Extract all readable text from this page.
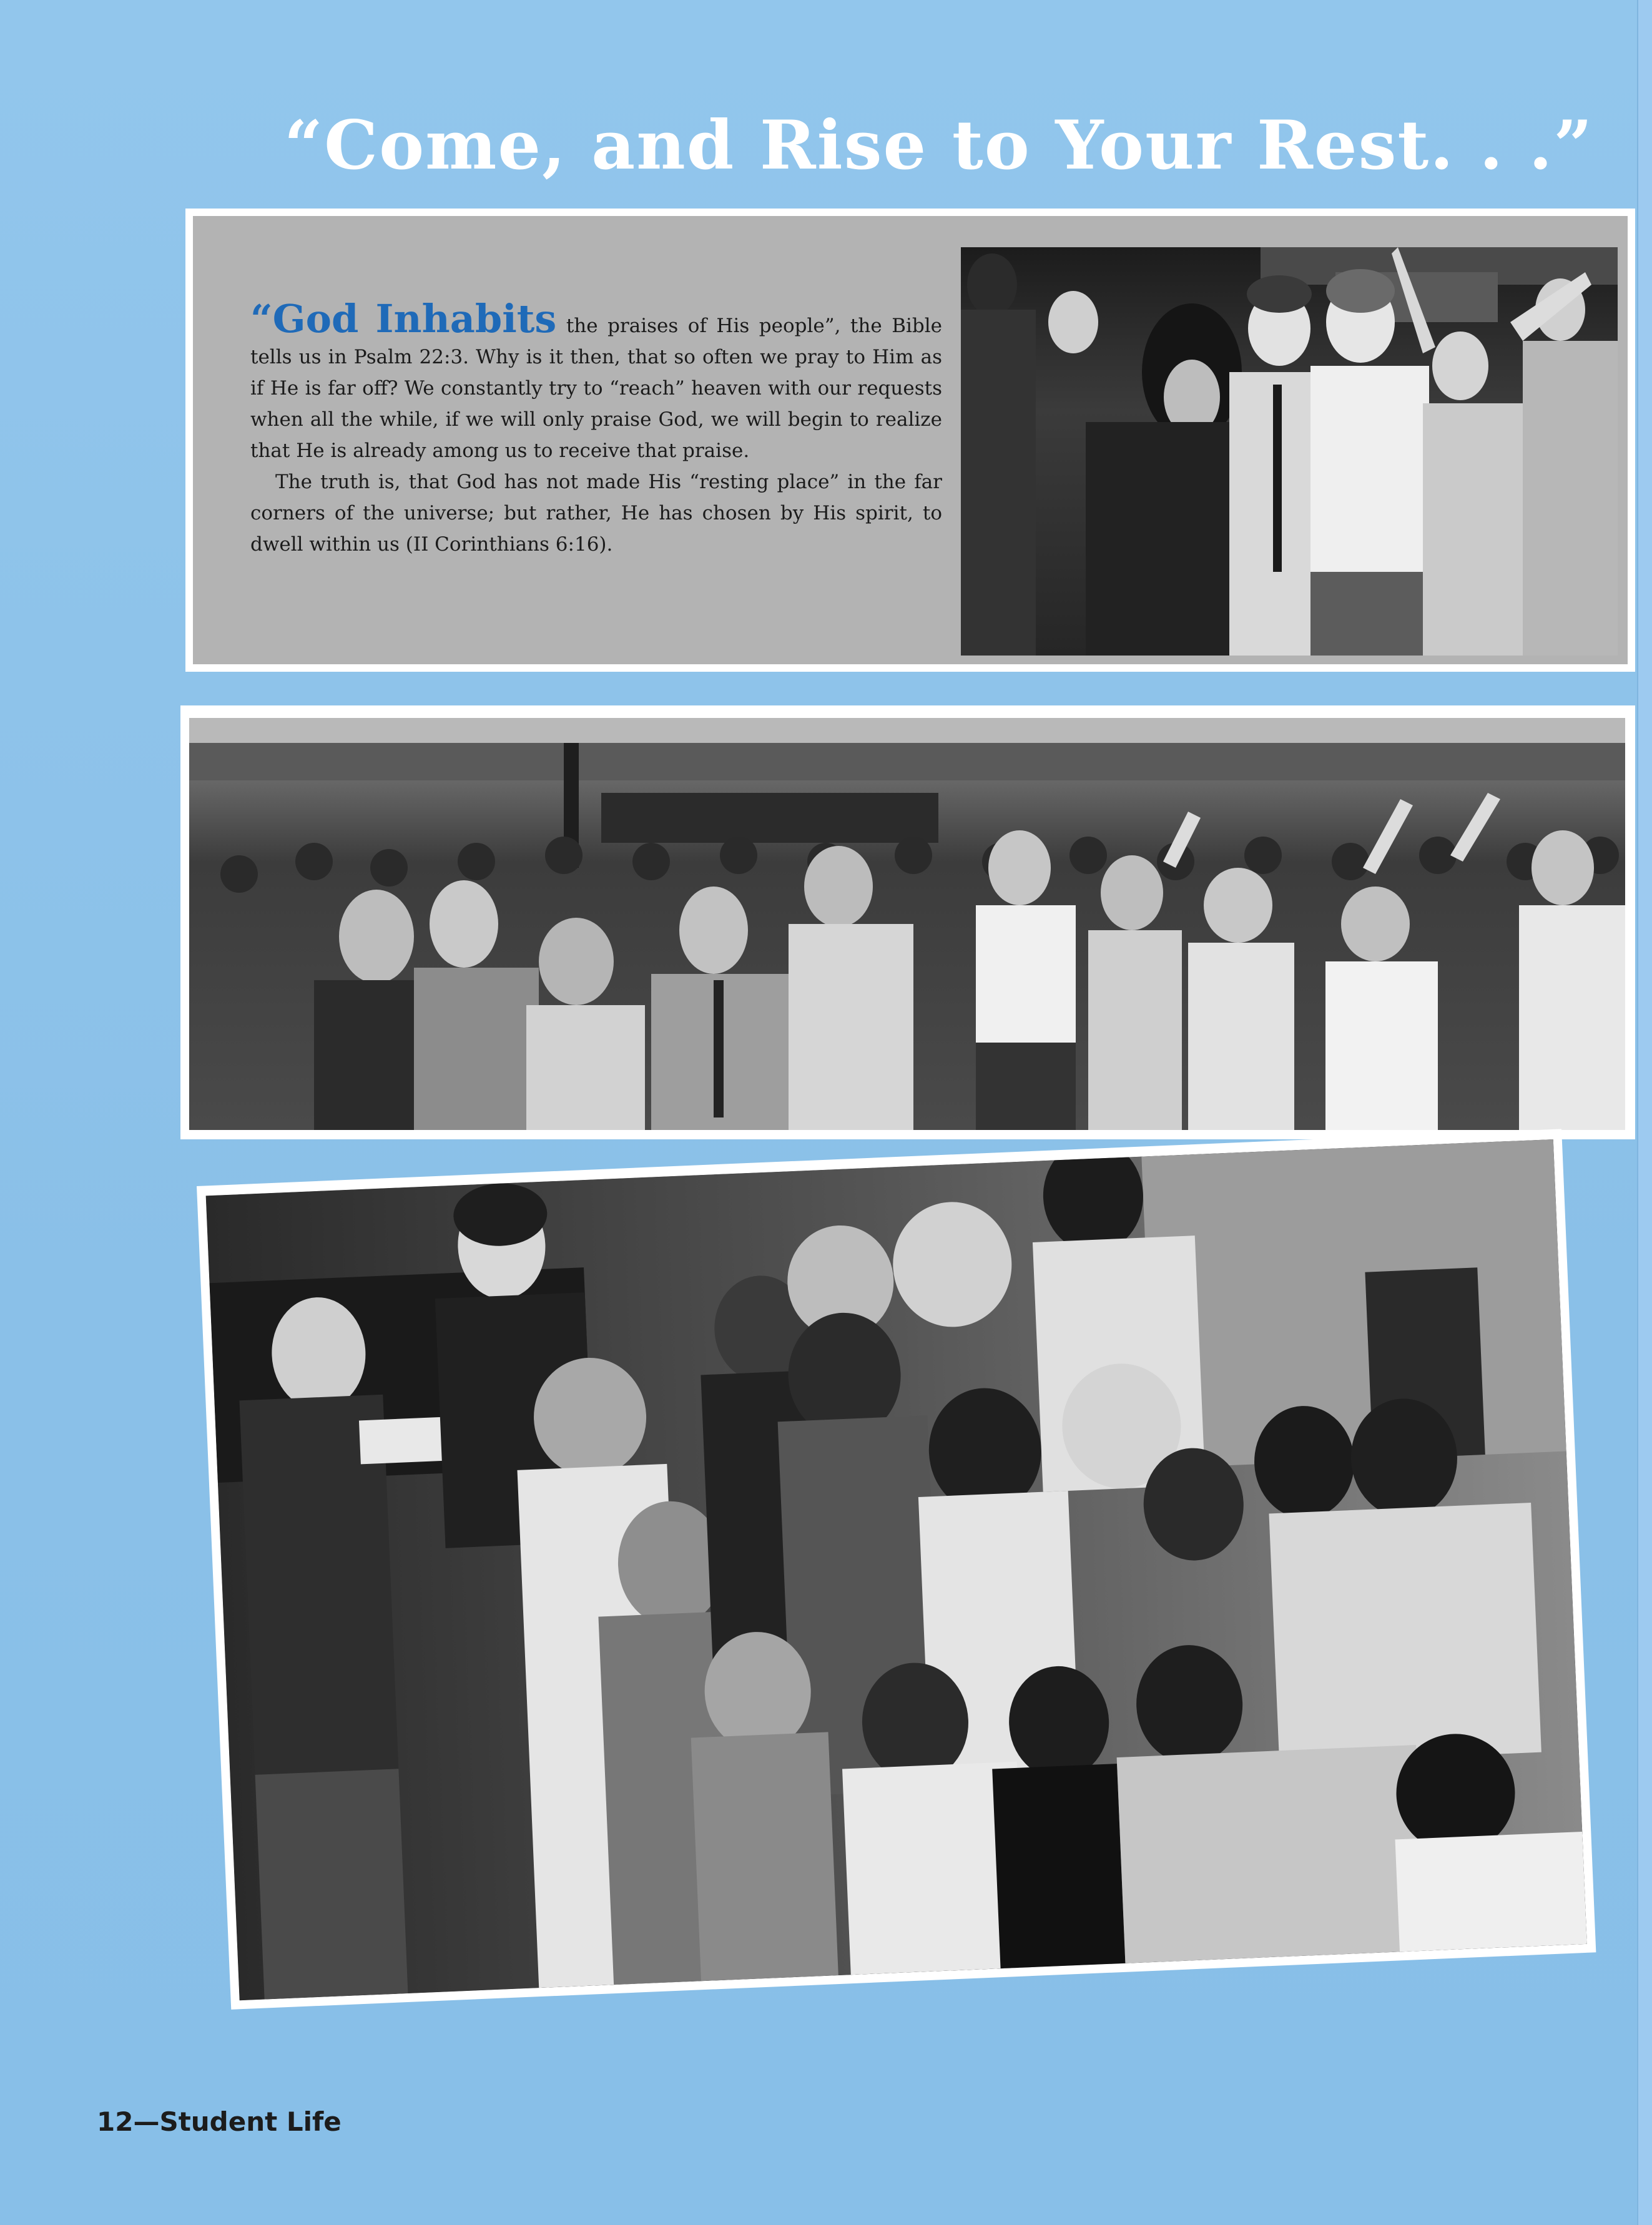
“Come, and Rise to Your Rest. . .”

“God Inhabits the praises of His people”, the Bible tells us in Psalm 22:3. Why is it then, that so often we pray to Him as if He is far off? We constantly try to “reach” heaven with our requests when all the while, if we will only praise God, we will begin to realize that He is already among us to receive that praise.

The truth is, that God has not made His “resting place” in the far corners of the universe; but rather, He has chosen by His spirit, to dwell within us (II Corinthians 6:16).

12—Student Life
